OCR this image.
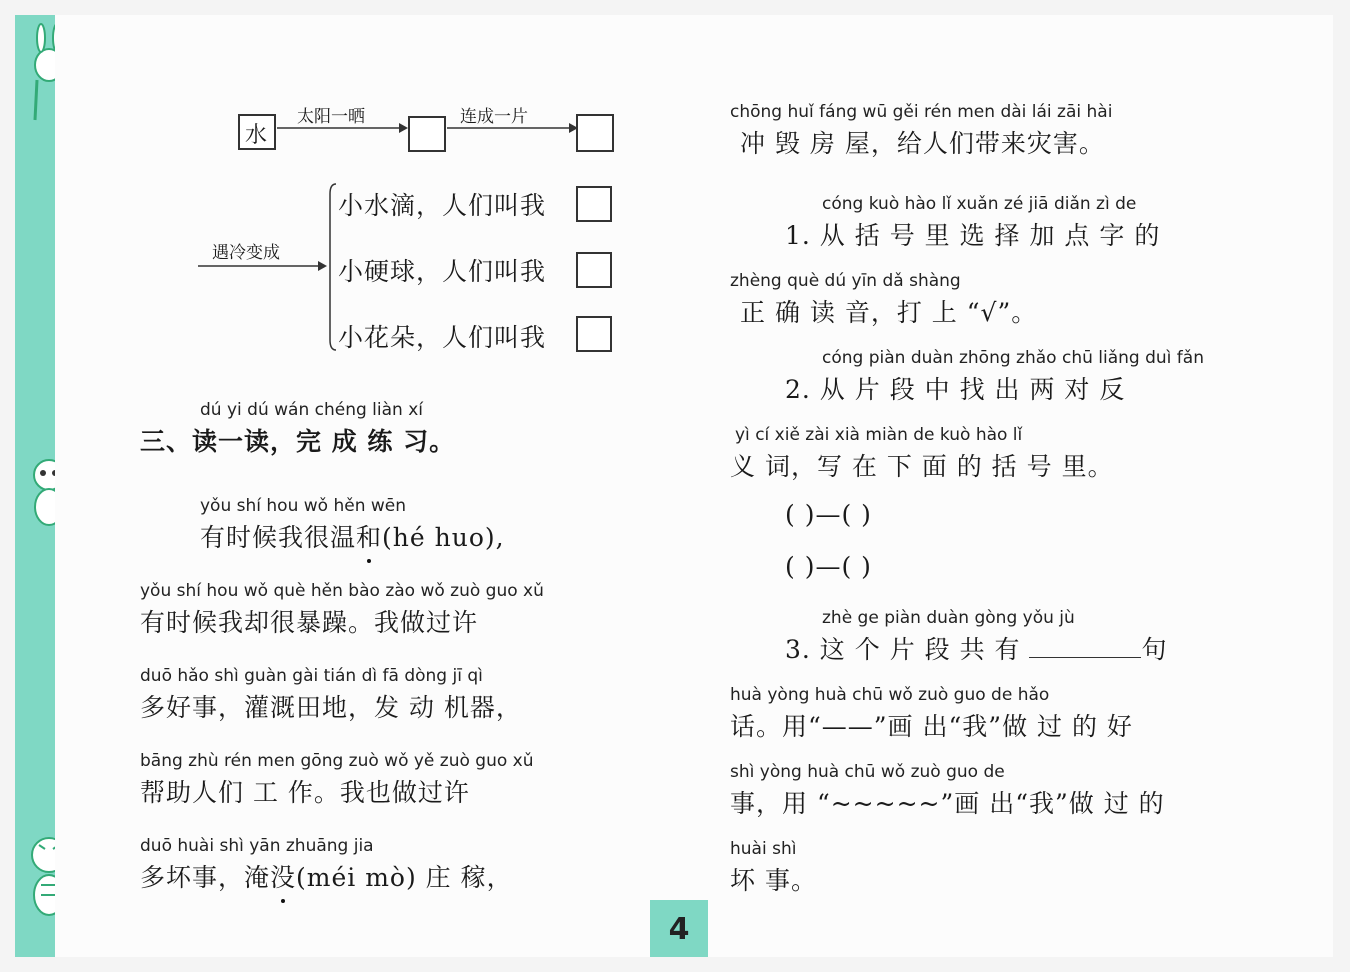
水
太阳一晒	连成一片
遇冷变成
小水滴，人们叫我
小硬球，人们叫我
小花朵，人们叫我
dú yi dú wán chéng liàn xí
三、读一读，完 成 练 习。
yǒu shí hou wǒ hěn wēn
有时候我很温和(hé huo),
yǒu shí hou wǒ què hěn bào zào wǒ zuò guo xǔ
有时候我却很暴躁。我做过许
duō hǎo shì guàn gài tián dì fā dòng jī qì
多好事，灌溉田地，发 动 机器，
bāng zhù rén men gōng zuò wǒ yě zuò guo xǔ
帮助人们 工 作。我也做过许
duō huài shì yān zhuāng jia
多坏事，淹没(méi mò) 庄 稼，
chōng huǐ fáng wū gěi rén men dài lái zāi hài
冲 毁 房 屋，给人们带来灾害。
cóng kuò hào lǐ xuǎn zé jiā diǎn zì de
1. 从 括 号 里 选 择 加 点 字 的
zhèng què dú yīn dǎ shàng
正 确 读 音，打 上 “√”。
cóng piàn duàn zhōng zhǎo chū liǎng duì fǎn
2. 从 片 段 中 找 出 两 对 反
yì cí xiě zài xià miàn de kuò hào lǐ
义 词，写 在 下 面 的 括 号 里。
( )—( )
( )—( )
zhè ge piàn duàn gòng yǒu jù
3. 这 个 片 段 共 有	句
huà yòng huà chū wǒ zuò guo de hǎo
话。用“——”画 出“我”做 过 的 好
shì yòng huà chū wǒ zuò guo de
事，用 “~~~~~”画 出“我”做 过 的
huài shì
坏 事。
4
